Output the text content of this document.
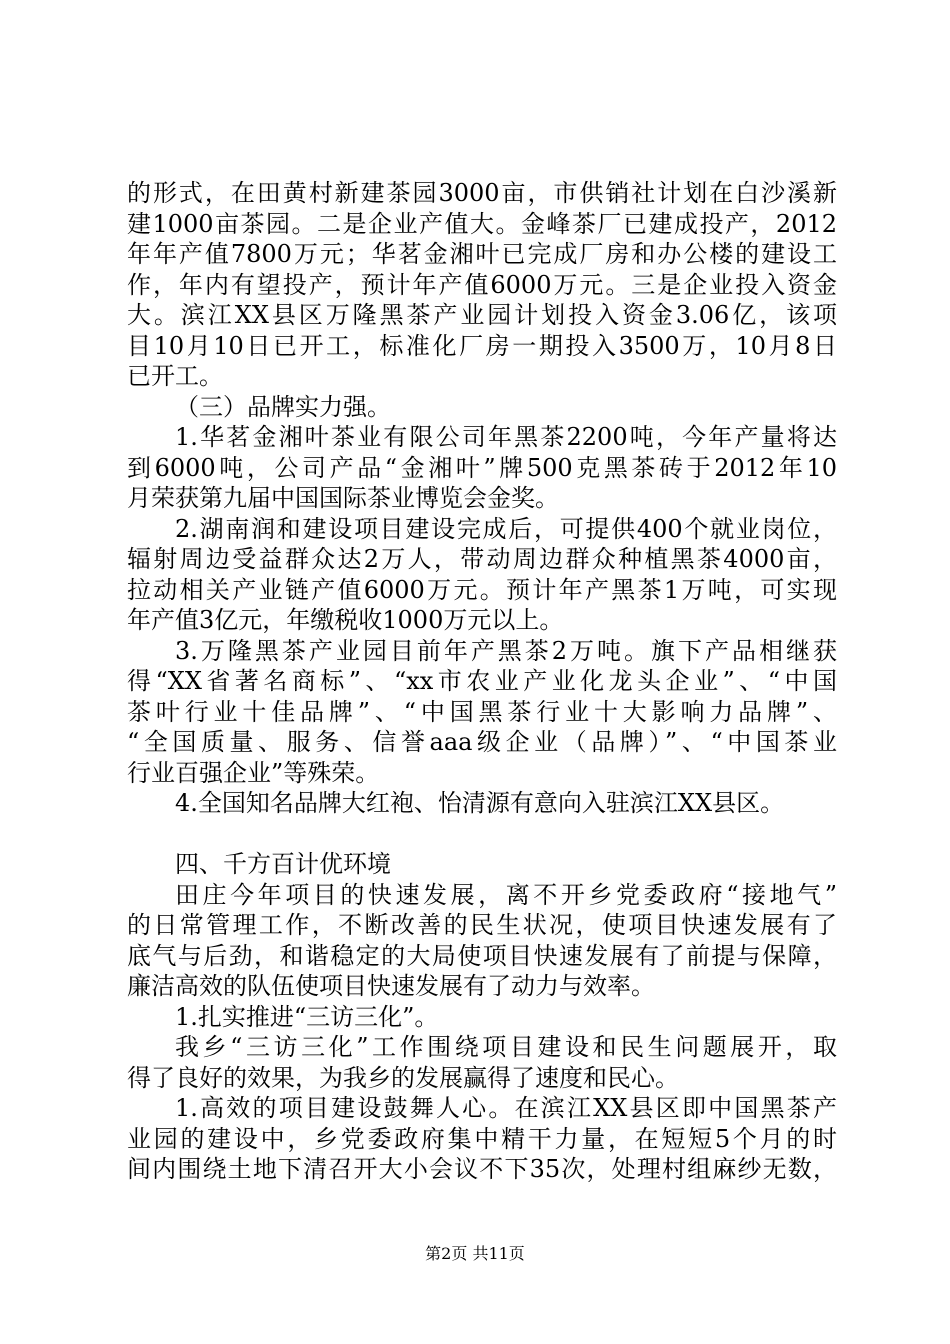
的形式，在田黄村新建茶园3000亩，市供销社计划在白沙溪新
建1000亩茶园。二是企业产值大。金峰茶厂已建成投产，2012
年年产值7800万元；华茗金湘叶已完成厂房和办公楼的建设工
作，年内有望投产，预计年产值6000万元。三是企业投入资金
大。滨江XX县区万隆黑茶产业园计划投入资金3.06亿，该项
目10月10日已开工，标准化厂房一期投入3500万，10月8日
已开工。
（三）品牌实力强。
1.华茗金湘叶茶业有限公司年黑茶2200吨，今年产量将达
到6000吨，公司产品“金湘叶”牌500克黑茶砖于2012年10
月荣获第九届中国国际茶业博览会金奖。
2.湖南润和建设项目建设完成后，可提供400个就业岗位，
辐射周边受益群众达2万人，带动周边群众种植黑茶4000亩，
拉动相关产业链产值6000万元。预计年产黑茶1万吨，可实现
年产值3亿元，年缴税收1000万元以上。
3.万隆黑茶产业园目前年产黑茶2万吨。旗下产品相继获
得“XX省著名商标”、“xx市农业产业化龙头企业”、“中国
茶叶行业十佳品牌”、“中国黑茶行业十大影响力品牌”、
“全国质量、服务、信誉aaa级企业（品牌）”、“中国茶业
行业百强企业”等殊荣。
4.全国知名品牌大红袍、怡清源有意向入驻滨江XX县区。
四、千方百计优环境
田庄今年项目的快速发展，离不开乡党委政府“接地气”
的日常管理工作，不断改善的民生状况，使项目快速发展有了
底气与后劲，和谐稳定的大局使项目快速发展有了前提与保障，
廉洁高效的队伍使项目快速发展有了动力与效率。
1.扎实推进“三访三化”。
我乡“三访三化”工作围绕项目建设和民生问题展开，取
得了良好的效果，为我乡的发展赢得了速度和民心。
1.高效的项目建设鼓舞人心。在滨江XX县区即中国黑茶产
业园的建设中，乡党委政府集中精干力量，在短短5个月的时
间内围绕土地下清召开大小会议不下35次，处理村组麻纱无数，
第2页 共11页
